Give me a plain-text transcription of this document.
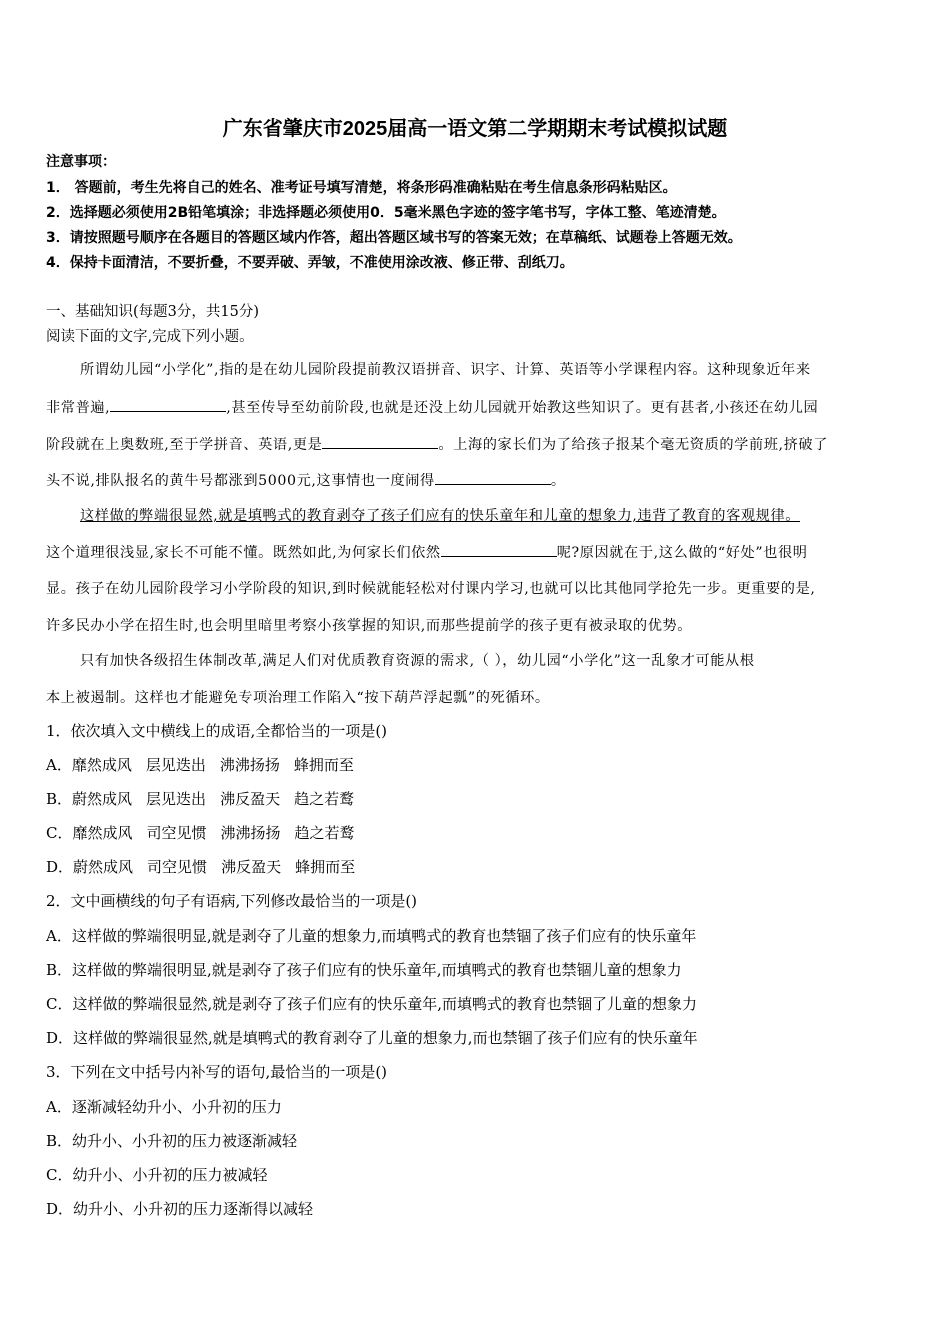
广东省肇庆市2025届高一语文第二学期期末考试模拟试题
注意事项：
1． 答题前，考生先将自己的姓名、准考证号填写清楚，将条形码准确粘贴在考生信息条形码粘贴区。
2．选择题必须使用2B铅笔填涂；非选择题必须使用0．5毫米黑色字迹的签字笔书写，字体工整、笔迹清楚。
3．请按照题号顺序在各题目的答题区域内作答，超出答题区域书写的答案无效；在草稿纸、试题卷上答题无效。
4．保持卡面清洁，不要折叠，不要弄破、弄皱，不准使用涂改液、修正带、刮纸刀。
一、基础知识(每题3分，共15分)
阅读下面的文字,完成下列小题。
所谓幼儿园“小学化”,指的是在幼儿园阶段提前教汉语拼音、识字、计算、英语等小学课程内容。这种现象近年来
非常普遍,	,甚至传导至幼前阶段,也就是还没上幼儿园就开始教这些知识了。更有甚者,小孩还在幼儿园
阶段就在上奥数班,至于学拼音、英语,更是	。上海的家长们为了给孩子报某个毫无资质的学前班,挤破了
头不说,排队报名的黄牛号都涨到5000元,这事情也一度闹得	。
这样做的弊端很显然,就是填鸭式的教育剥夺了孩子们应有的快乐童年和儿童的想象力,违背了教育的客观规律。
这个道理很浅显,家长不可能不懂。既然如此,为何家长们依然	呢?原因就在于,这么做的“好处”也很明
显。孩子在幼儿园阶段学习小学阶段的知识,到时候就能轻松对付课内学习,也就可以比其他同学抢先一步。更重要的是,
许多民办小学在招生时,也会明里暗里考察小孩掌握的知识,而那些提前学的孩子更有被录取的优势。
只有加快各级招生体制改革,满足人们对优质教育资源的需求,（ ），幼儿园“小学化”这一乱象才可能从根
本上被遏制。这样也才能避免专项治理工作陷入“按下葫芦浮起瓢”的死循环。
1．依次填入文中横线上的成语,全都恰当的一项是()
A．靡然成风 层见迭出 沸沸扬扬 蜂拥而至
B．蔚然成风 层见迭出 沸反盈天 趋之若鹜
C．靡然成风 司空见惯 沸沸扬扬 趋之若鹜
D．蔚然成风 司空见惯 沸反盈天 蜂拥而至
2．文中画横线的句子有语病,下列修改最恰当的一项是()
A．这样做的弊端很明显,就是剥夺了儿童的想象力,而填鸭式的教育也禁锢了孩子们应有的快乐童年
B．这样做的弊端很明显,就是剥夺了孩子们应有的快乐童年,而填鸭式的教育也禁锢儿童的想象力
C．这样做的弊端很显然,就是剥夺了孩子们应有的快乐童年,而填鸭式的教育也禁锢了儿童的想象力
D．这样做的弊端很显然,就是填鸭式的教育剥夺了儿童的想象力,而也禁锢了孩子们应有的快乐童年
3．下列在文中括号内补写的语句,最恰当的一项是()
A．逐渐减轻幼升小、小升初的压力
B．幼升小、小升初的压力被逐渐减轻
C．幼升小、小升初的压力被减轻
D．幼升小、小升初的压力逐渐得以减轻
